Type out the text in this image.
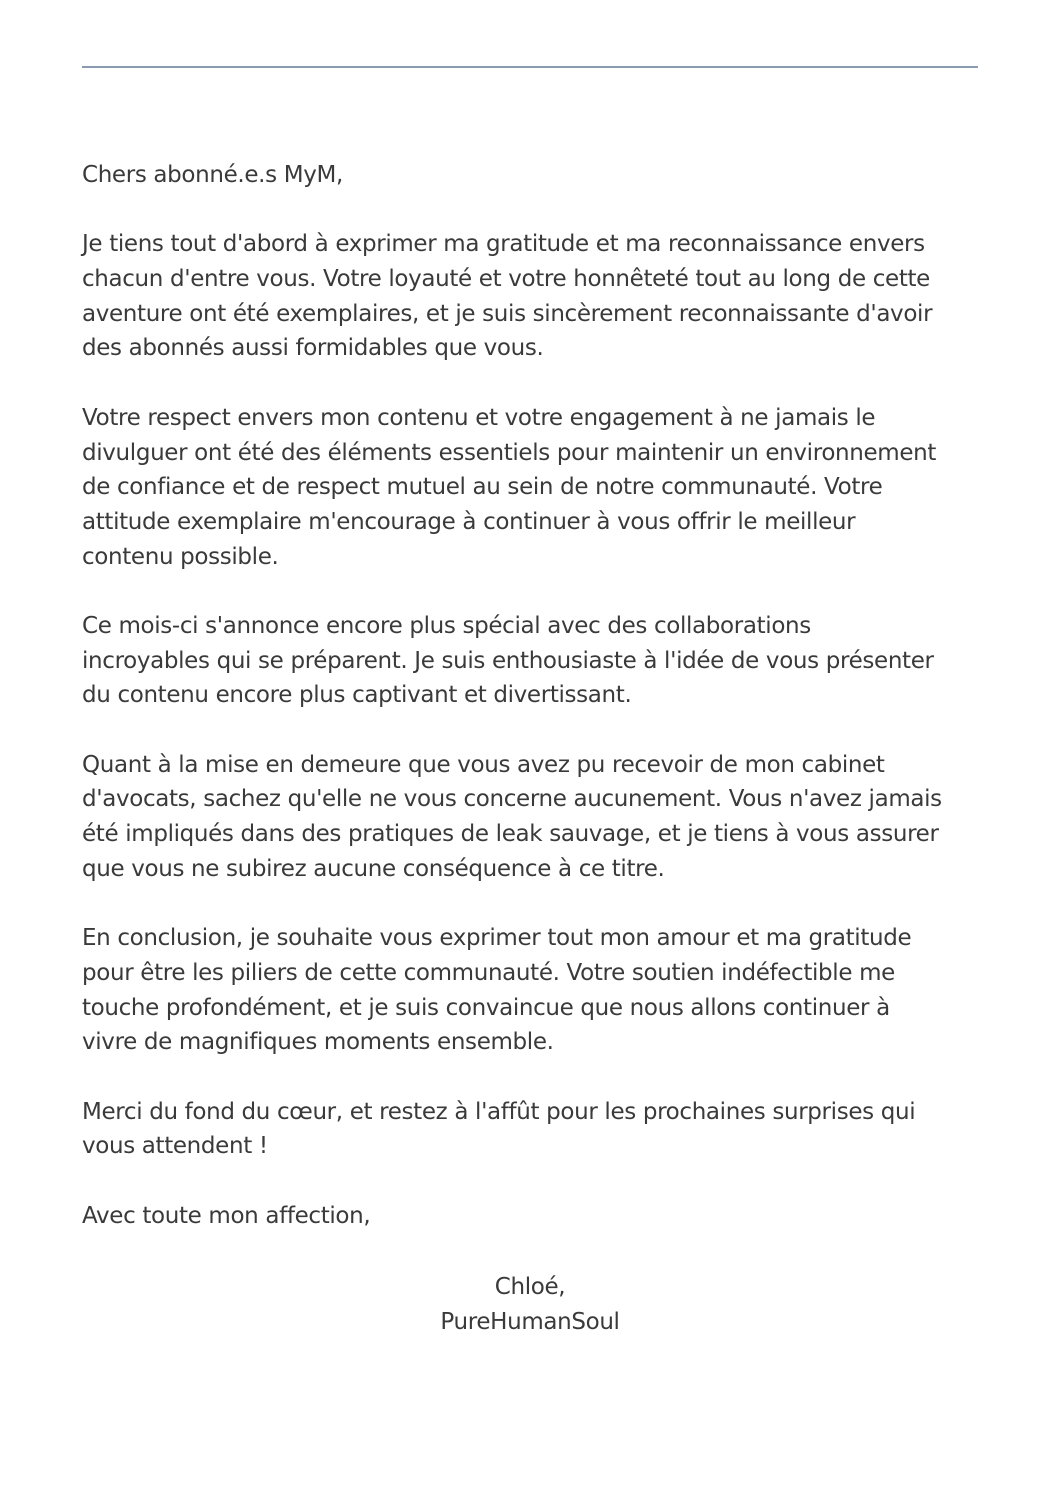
Chers abonné.e.s MyM,
Je tiens tout d'abord à exprimer ma gratitude et ma reconnaissance envers
chacun d'entre vous. Votre loyauté et votre honnêteté tout au long de cette
aventure ont été exemplaires, et je suis sincèrement reconnaissante d'avoir
des abonnés aussi formidables que vous.
Votre respect envers mon contenu et votre engagement à ne jamais le
divulguer ont été des éléments essentiels pour maintenir un environnement
de confiance et de respect mutuel au sein de notre communauté. Votre
attitude exemplaire m'encourage à continuer à vous offrir le meilleur
contenu possible.
Ce mois-ci s'annonce encore plus spécial avec des collaborations
incroyables qui se préparent. Je suis enthousiaste à l'idée de vous présenter
du contenu encore plus captivant et divertissant.
Quant à la mise en demeure que vous avez pu recevoir de mon cabinet
d'avocats, sachez qu'elle ne vous concerne aucunement. Vous n'avez jamais
été impliqués dans des pratiques de leak sauvage, et je tiens à vous assurer
que vous ne subirez aucune conséquence à ce titre.
En conclusion, je souhaite vous exprimer tout mon amour et ma gratitude
pour être les piliers de cette communauté. Votre soutien indéfectible me
touche profondément, et je suis convaincue que nous allons continuer à
vivre de magnifiques moments ensemble.
Merci du fond du cœur, et restez à l'affût pour les prochaines surprises qui
vous attendent !
Avec toute mon affection,
Chloé,
PureHumanSoul
